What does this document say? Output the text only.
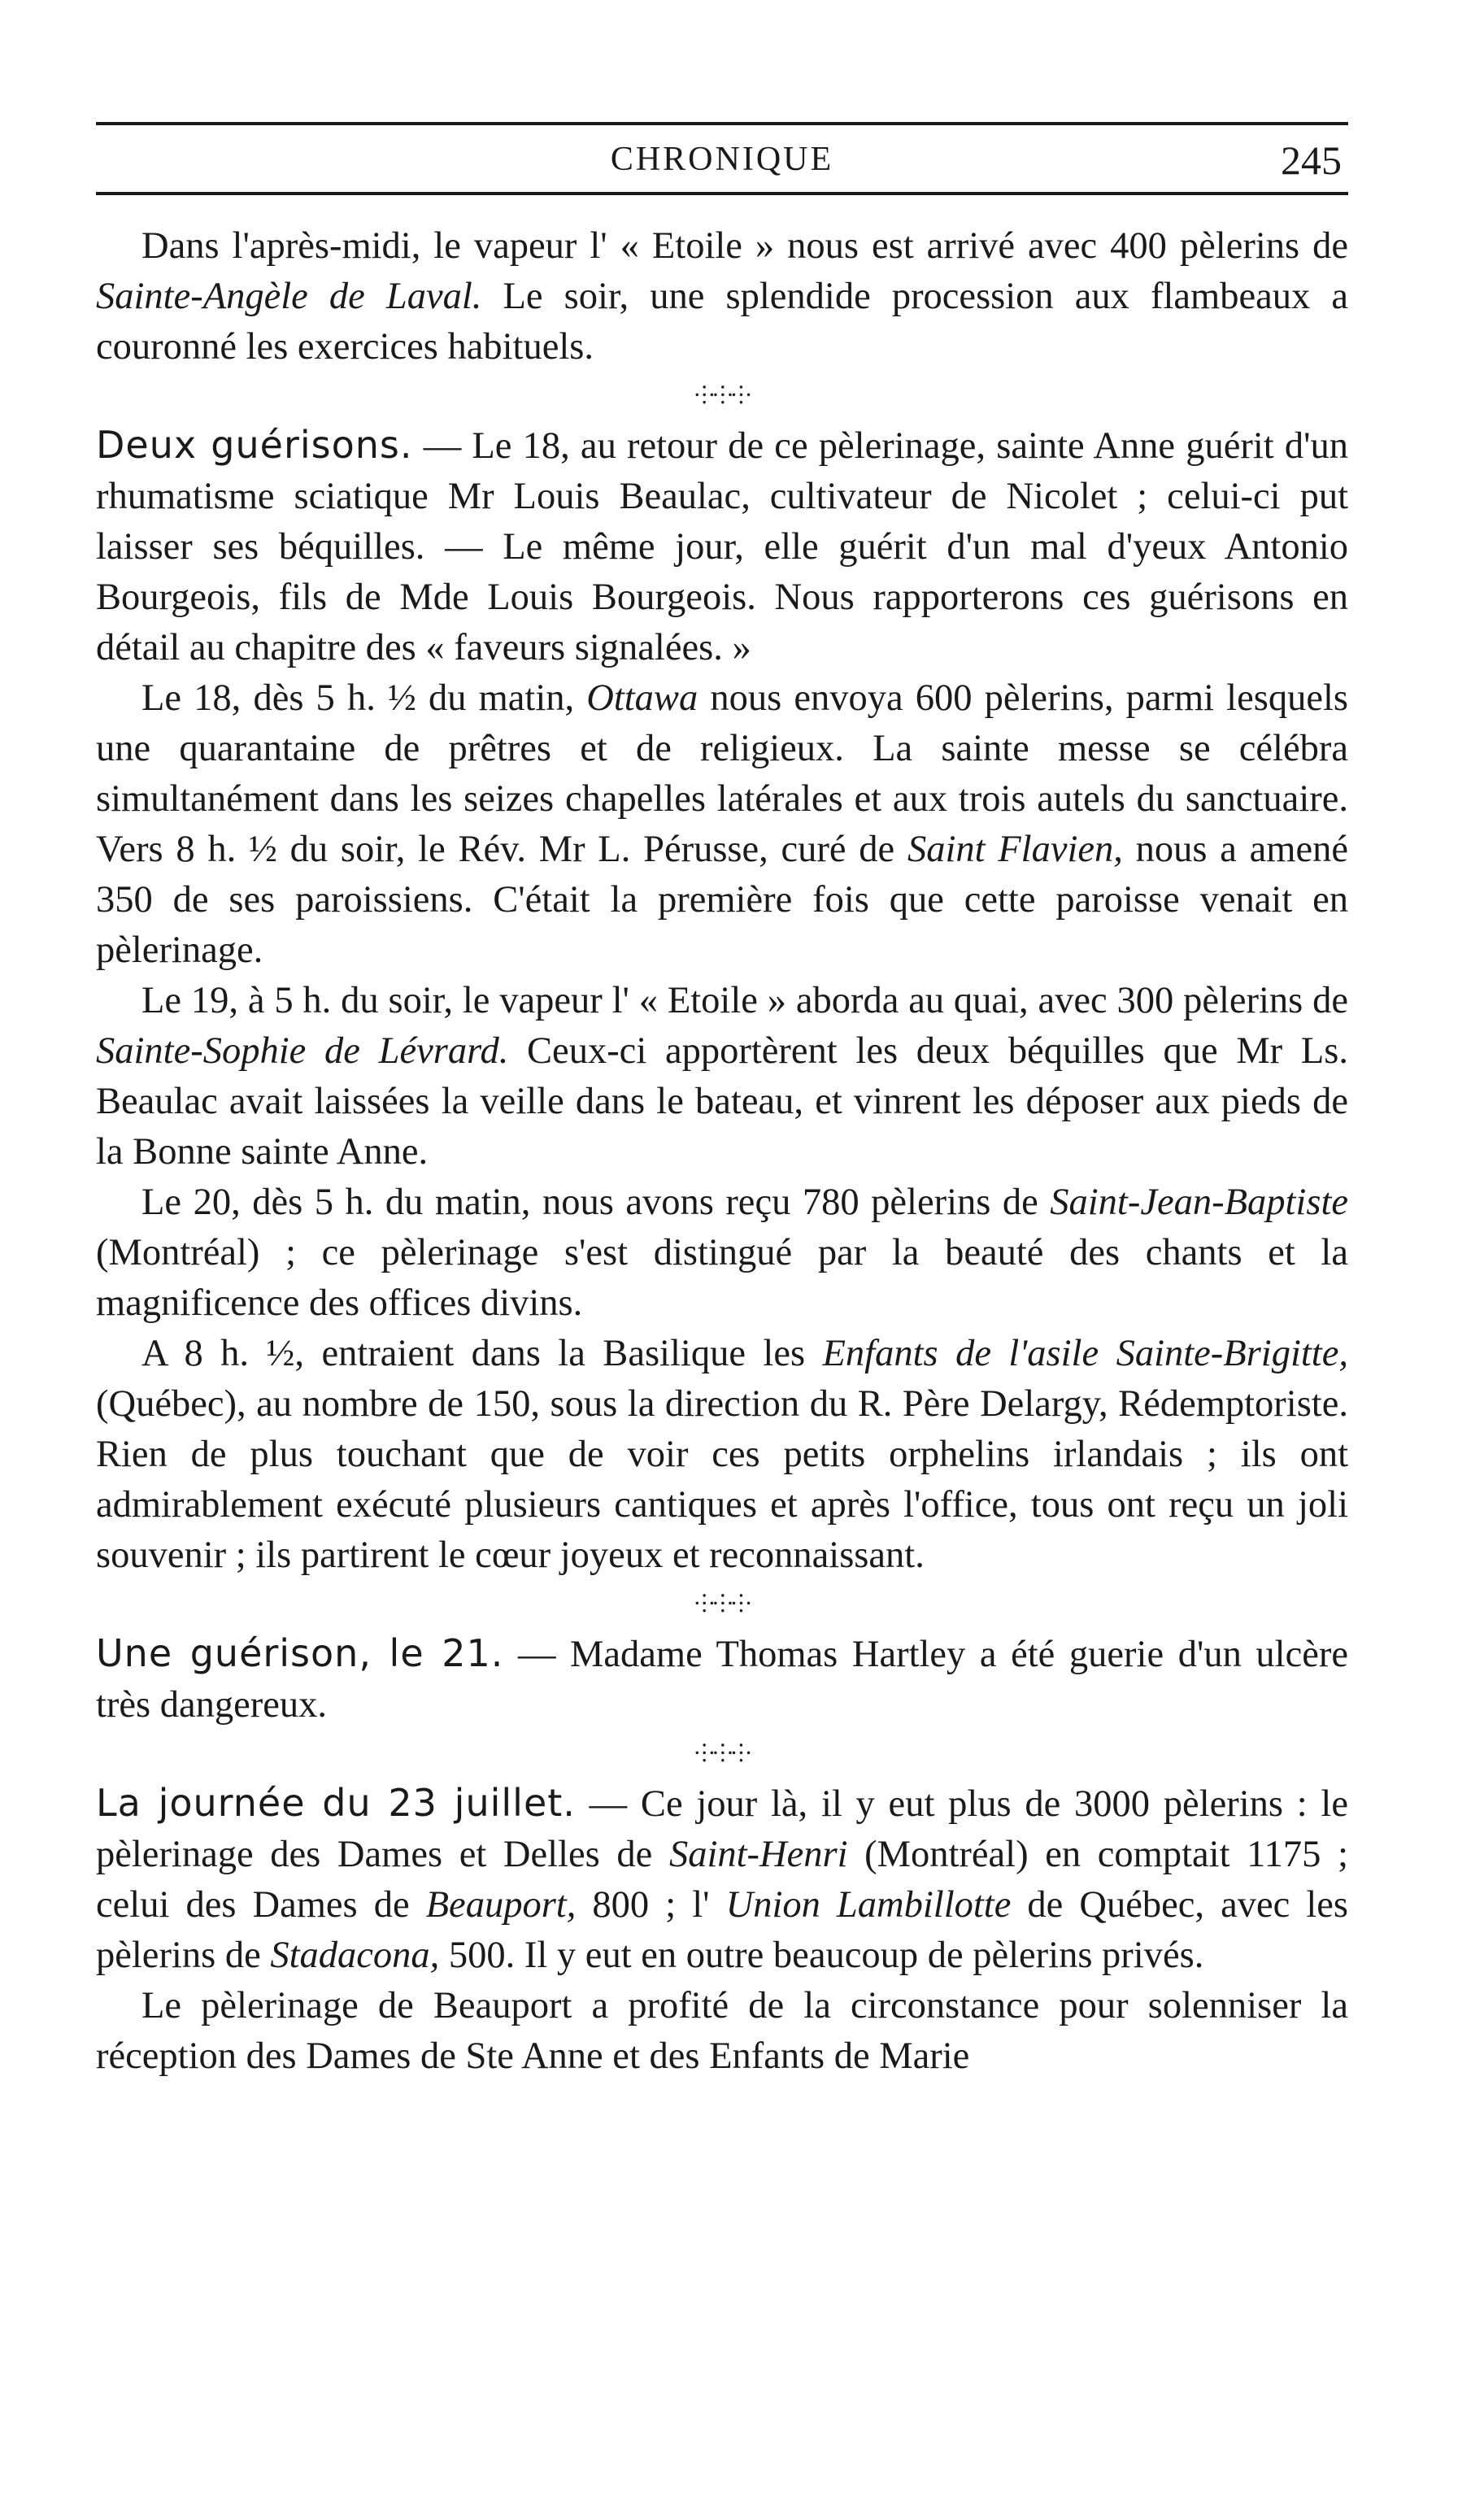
CHRONIQUE	245

Dans l'après-midi, le vapeur l' « Etoile » nous est arrivé avec 400 pèlerins de Sainte-Angèle de Laval. Le soir, une splendide procession aux flambeaux a couronné les exercices habituels.

⸭⸭⸭

Deux guérisons. — Le 18, au retour de ce pèlerinage, sainte Anne guérit d'un rhumatisme sciatique Mr Louis Beaulac, cultivateur de Nicolet ; celui-ci put laisser ses béquilles. — Le même jour, elle guérit d'un mal d'yeux Antonio Bourgeois, fils de Mde Louis Bourgeois. Nous rapporterons ces guérisons en détail au chapitre des « faveurs signalées. »

Le 18, dès 5 h. ½ du matin, Ottawa nous envoya 600 pèlerins, parmi lesquels une quarantaine de prêtres et de religieux. La sainte messe se célébra simultanément dans les seizes chapelles latérales et aux trois autels du sanctuaire. Vers 8 h. ½ du soir, le Rév. Mr L. Pérusse, curé de Saint Flavien, nous a amené 350 de ses paroissiens. C'était la première fois que cette paroisse venait en pèlerinage.

Le 19, à 5 h. du soir, le vapeur l' « Etoile » aborda au quai, avec 300 pèlerins de Sainte-Sophie de Lévrard. Ceux-ci apportèrent les deux béquilles que Mr Ls. Beaulac avait laissées la veille dans le bateau, et vinrent les déposer aux pieds de la Bonne sainte Anne.

Le 20, dès 5 h. du matin, nous avons reçu 780 pèlerins de Saint-Jean-Baptiste (Montréal) ; ce pèlerinage s'est distingué par la beauté des chants et la magnificence des offices divins.

A 8 h. ½, entraient dans la Basilique les Enfants de l'asile Sainte-Brigitte, (Québec), au nombre de 150, sous la direction du R. Père Delargy, Rédemptoriste. Rien de plus touchant que de voir ces petits orphelins irlandais ; ils ont admirablement exécuté plusieurs cantiques et après l'office, tous ont reçu un joli souvenir ; ils partirent le cœur joyeux et reconnaissant.

⸭⸭⸭

Une guérison, le 21. — Madame Thomas Hartley a été guerie d'un ulcère très dangereux.

⸭⸭⸭

La journée du 23 juillet. — Ce jour là, il y eut plus de 3000 pèlerins : le pèlerinage des Dames et Delles de Saint-Henri (Montréal) en comptait 1175 ; celui des Dames de Beauport, 800 ; l' Union Lambillotte de Québec, avec les pèlerins de Stadacona, 500. Il y eut en outre beaucoup de pèlerins privés.

Le pèlerinage de Beauport a profité de la circonstance pour solenniser la réception des Dames de Ste Anne et des Enfants de Marie
